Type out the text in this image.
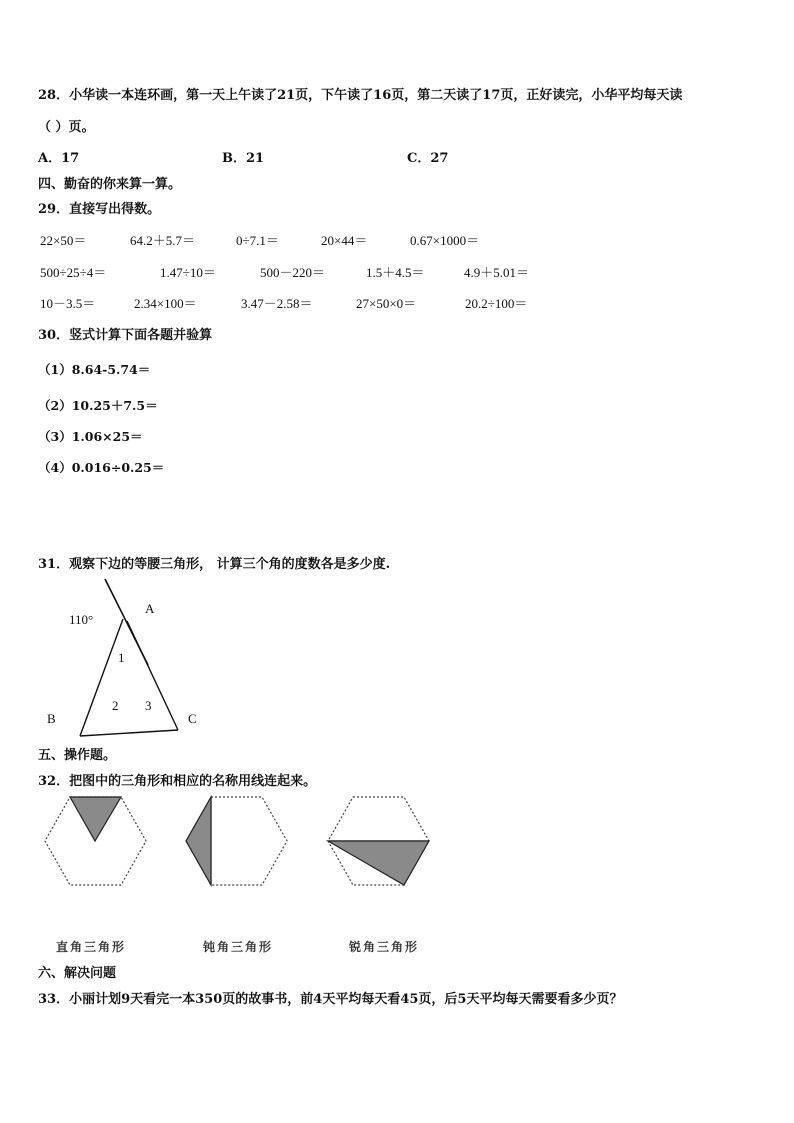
28．小华读一本连环画，第一天上午读了21页，下午读了16页，第二天读了17页，正好读完，小华平均每天读
（ ）页。
A．17	B．21	C．27
四、勤奋的你来算一算。
29．直接写出得数。
22×50＝	64.2＋5.7＝	0÷7.1＝	20×44＝	0.67×1000＝
500÷25÷4＝	1.47÷10＝	500－220＝	1.5＋4.5＝	4.9＋5.01＝
10－3.5＝	2.34×100＝	3.47－2.58＝	27×50×0＝	20.2÷100＝
30．竖式计算下面各题并验算
（1）8.64-5.74＝
（2）10.25＋7.5＝
（3）1.06×25＝
（4）0.016÷0.25＝
31．观察下边的等腰三角形， 计算三个角的度数各是多少度.
110°
A
B	C
1
2 3
五、操作题。
32．把图中的三角形和相应的名称用线连起来。
直角三角形	钝角三角形	锐角三角形
六、解决问题
33．小丽计划9天看完一本350页的故事书，前4天平均每天看45页，后5天平均每天需要看多少页？
